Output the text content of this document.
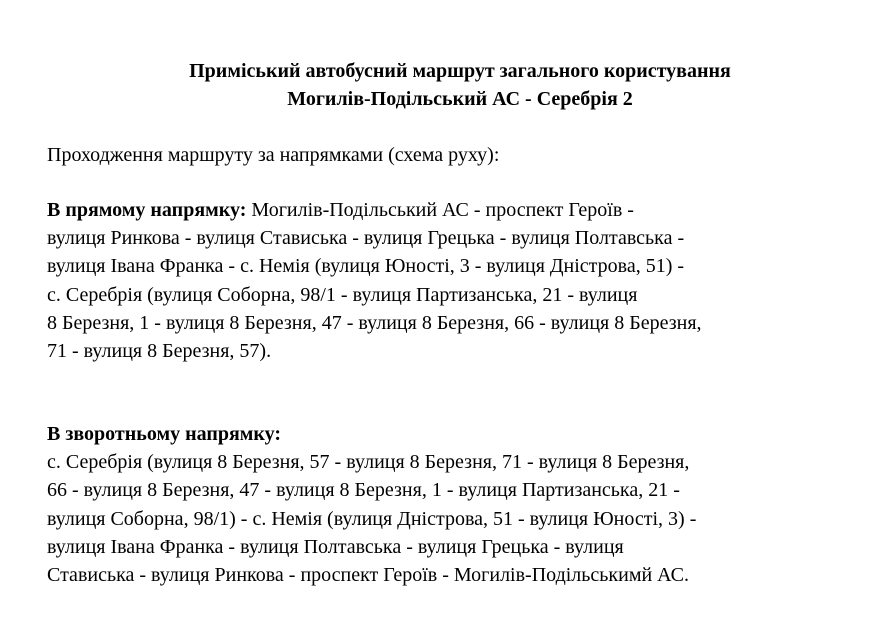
Приміський автобусний маршрут загального користування
Могилів-Подільський АС - Серебрія 2
Проходження маршруту за напрямками (схема руху):
В прямому напрямку: Могилів-Подільський АС - проспект Героїв -
вулиця Ринкова - вулиця Стависька - вулиця Грецька - вулиця Полтавська -
вулиця Івана Франка - с. Немія (вулиця Юності, 3 - вулиця Дністрова, 51) -
с. Серебрія (вулиця Соборна, 98/1 - вулиця Партизанська, 21 - вулиця
8 Березня, 1 - вулиця 8 Березня, 47 - вулиця 8 Березня, 66 - вулиця 8 Березня,
71 - вулиця 8 Березня, 57).
В зворотньому напрямку:
с. Серебрія (вулиця 8 Березня, 57 - вулиця 8 Березня, 71 - вулиця 8 Березня,
66 - вулиця 8 Березня, 47 - вулиця 8 Березня, 1 - вулиця Партизанська, 21 -
вулиця Соборна, 98/1) - с. Немія (вулиця Дністрова, 51 - вулиця Юності, 3) -
вулиця Івана Франка - вулиця Полтавська - вулиця Грецька - вулиця
Стависька - вулиця Ринкова - проспект Героїв - Могилів-Подільськимй АС.
